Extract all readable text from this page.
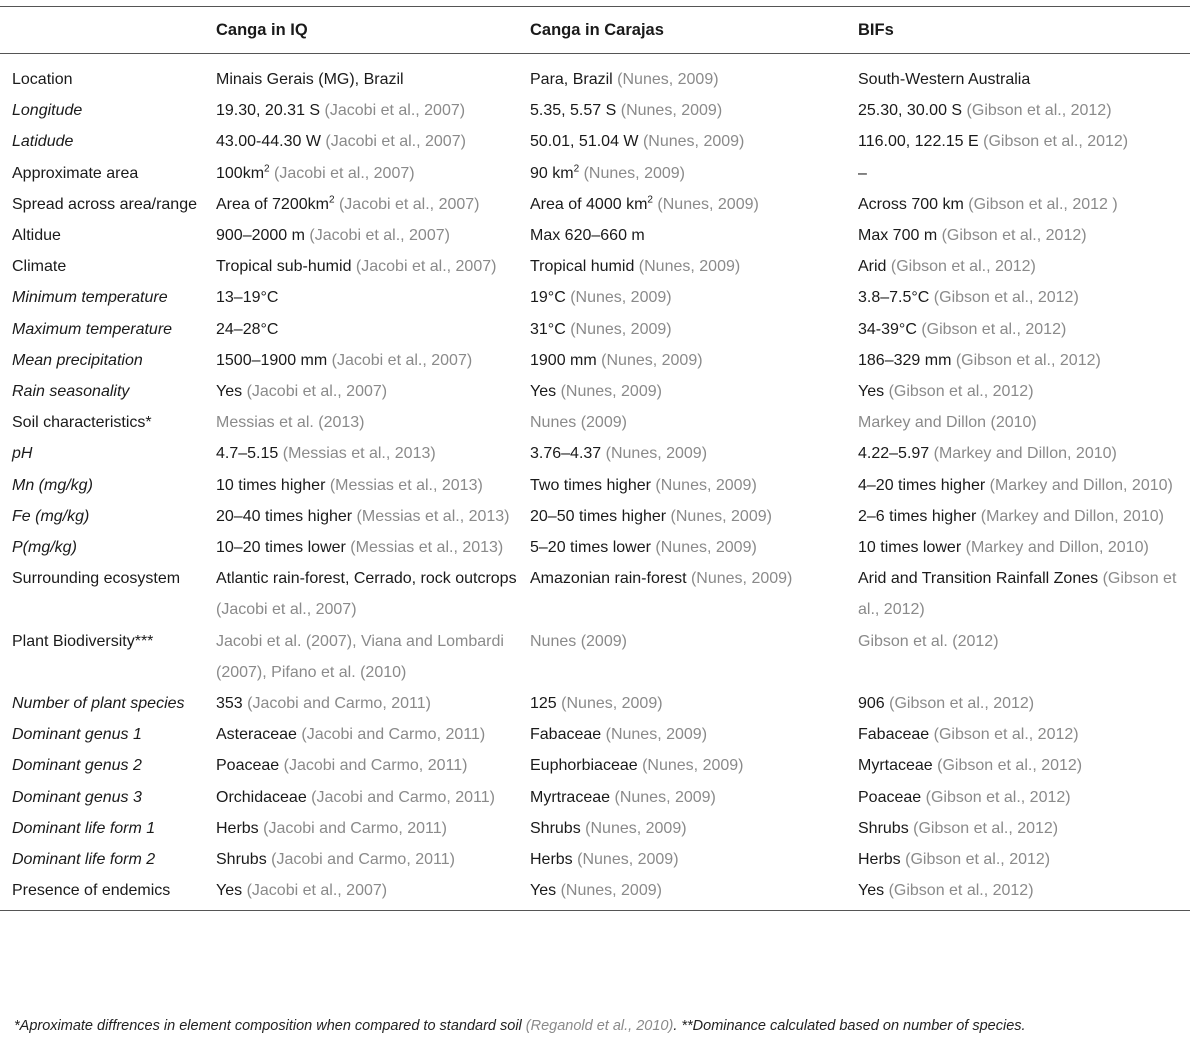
	Canga in IQ	Canga in Carajas	BIFs
Location	Minais Gerais (MG), Brazil	Para, Brazil (Nunes, 2009)	South-Western Australia
Longitude	19.30, 20.31 S (Jacobi et al., 2007)	5.35, 5.57 S (Nunes, 2009)	25.30, 30.00 S (Gibson et al., 2012)
Latidude	43.00-44.30 W (Jacobi et al., 2007)	50.01, 51.04 W (Nunes, 2009)	116.00, 122.15 E (Gibson et al., 2012)
Approximate area	$100km^2$ (Jacobi et al., 2007)	90 $km^2$ (Nunes, 2009)	–
Spread across area/range	Area of $7200km^2$ (Jacobi et al., 2007)	Area of 4000 $km^2$ (Nunes, 2009)	Across 700 km (Gibson et al., 2012 )
Altidue	900–2000 m (Jacobi et al., 2007)	Max 620–660 m	Max 700 m (Gibson et al., 2012)
Climate	Tropical sub-humid (Jacobi et al., 2007)	Tropical humid (Nunes, 2009)	Arid (Gibson et al., 2012)
Minimum temperature	13–19°C	19°C (Nunes, 2009)	3.8–7.5°C (Gibson et al., 2012)
Maximum temperature	24–28°C	31°C (Nunes, 2009)	34-39°C (Gibson et al., 2012)
Mean precipitation	1500–1900 mm (Jacobi et al., 2007)	1900 mm (Nunes, 2009)	186–329 mm (Gibson et al., 2012)
Rain seasonality	Yes (Jacobi et al., 2007)	Yes (Nunes, 2009)	Yes (Gibson et al., 2012)
Soil characteristics*	Messias et al. (2013)	Nunes (2009)	Markey and Dillon (2010)
pH	4.7–5.15 (Messias et al., 2013)	3.76–4.37 (Nunes, 2009)	4.22–5.97 (Markey and Dillon, 2010)
Mn (mg/kg)	10 times higher (Messias et al., 2013)	Two times higher (Nunes, 2009)	4–20 times higher (Markey and Dillon, 2010)
Fe (mg/kg)	20–40 times higher (Messias et al., 2013)	20–50 times higher (Nunes, 2009)	2–6 times higher (Markey and Dillon, 2010)
P(mg/kg)	10–20 times lower (Messias et al., 2013)	5–20 times lower (Nunes, 2009)	10 times lower (Markey and Dillon, 2010)
Surrounding ecosystem	Atlantic rain-forest, Cerrado, rock outcrops (Jacobi et al., 2007)	Amazonian rain-forest (Nunes, 2009)	Arid and Transition Rainfall Zones (Gibson et al., 2012)
Plant Biodiversity***	Jacobi et al. (2007), Viana and Lombardi (2007), Pifano et al. (2010)	Nunes (2009)	Gibson et al. (2012)
Number of plant species	353 (Jacobi and Carmo, 2011)	125 (Nunes, 2009)	906 (Gibson et al., 2012)
Dominant genus 1	Asteraceae (Jacobi and Carmo, 2011)	Fabaceae (Nunes, 2009)	Fabaceae (Gibson et al., 2012)
Dominant genus 2	Poaceae (Jacobi and Carmo, 2011)	Euphorbiaceae (Nunes, 2009)	Myrtaceae (Gibson et al., 2012)
Dominant genus 3	Orchidaceae (Jacobi and Carmo, 2011)	Myrtraceae (Nunes, 2009)	Poaceae (Gibson et al., 2012)
Dominant life form 1	Herbs (Jacobi and Carmo, 2011)	Shrubs (Nunes, 2009)	Shrubs (Gibson et al., 2012)
Dominant life form 2	Shrubs (Jacobi and Carmo, 2011)	Herbs (Nunes, 2009)	Herbs (Gibson et al., 2012)
Presence of endemics	Yes (Jacobi et al., 2007)	Yes (Nunes, 2009)	Yes (Gibson et al., 2012)
*Aproximate diffrences in element composition when compared to standard soil (Reganold et al., 2010). **Dominance calculated based on number of species.
